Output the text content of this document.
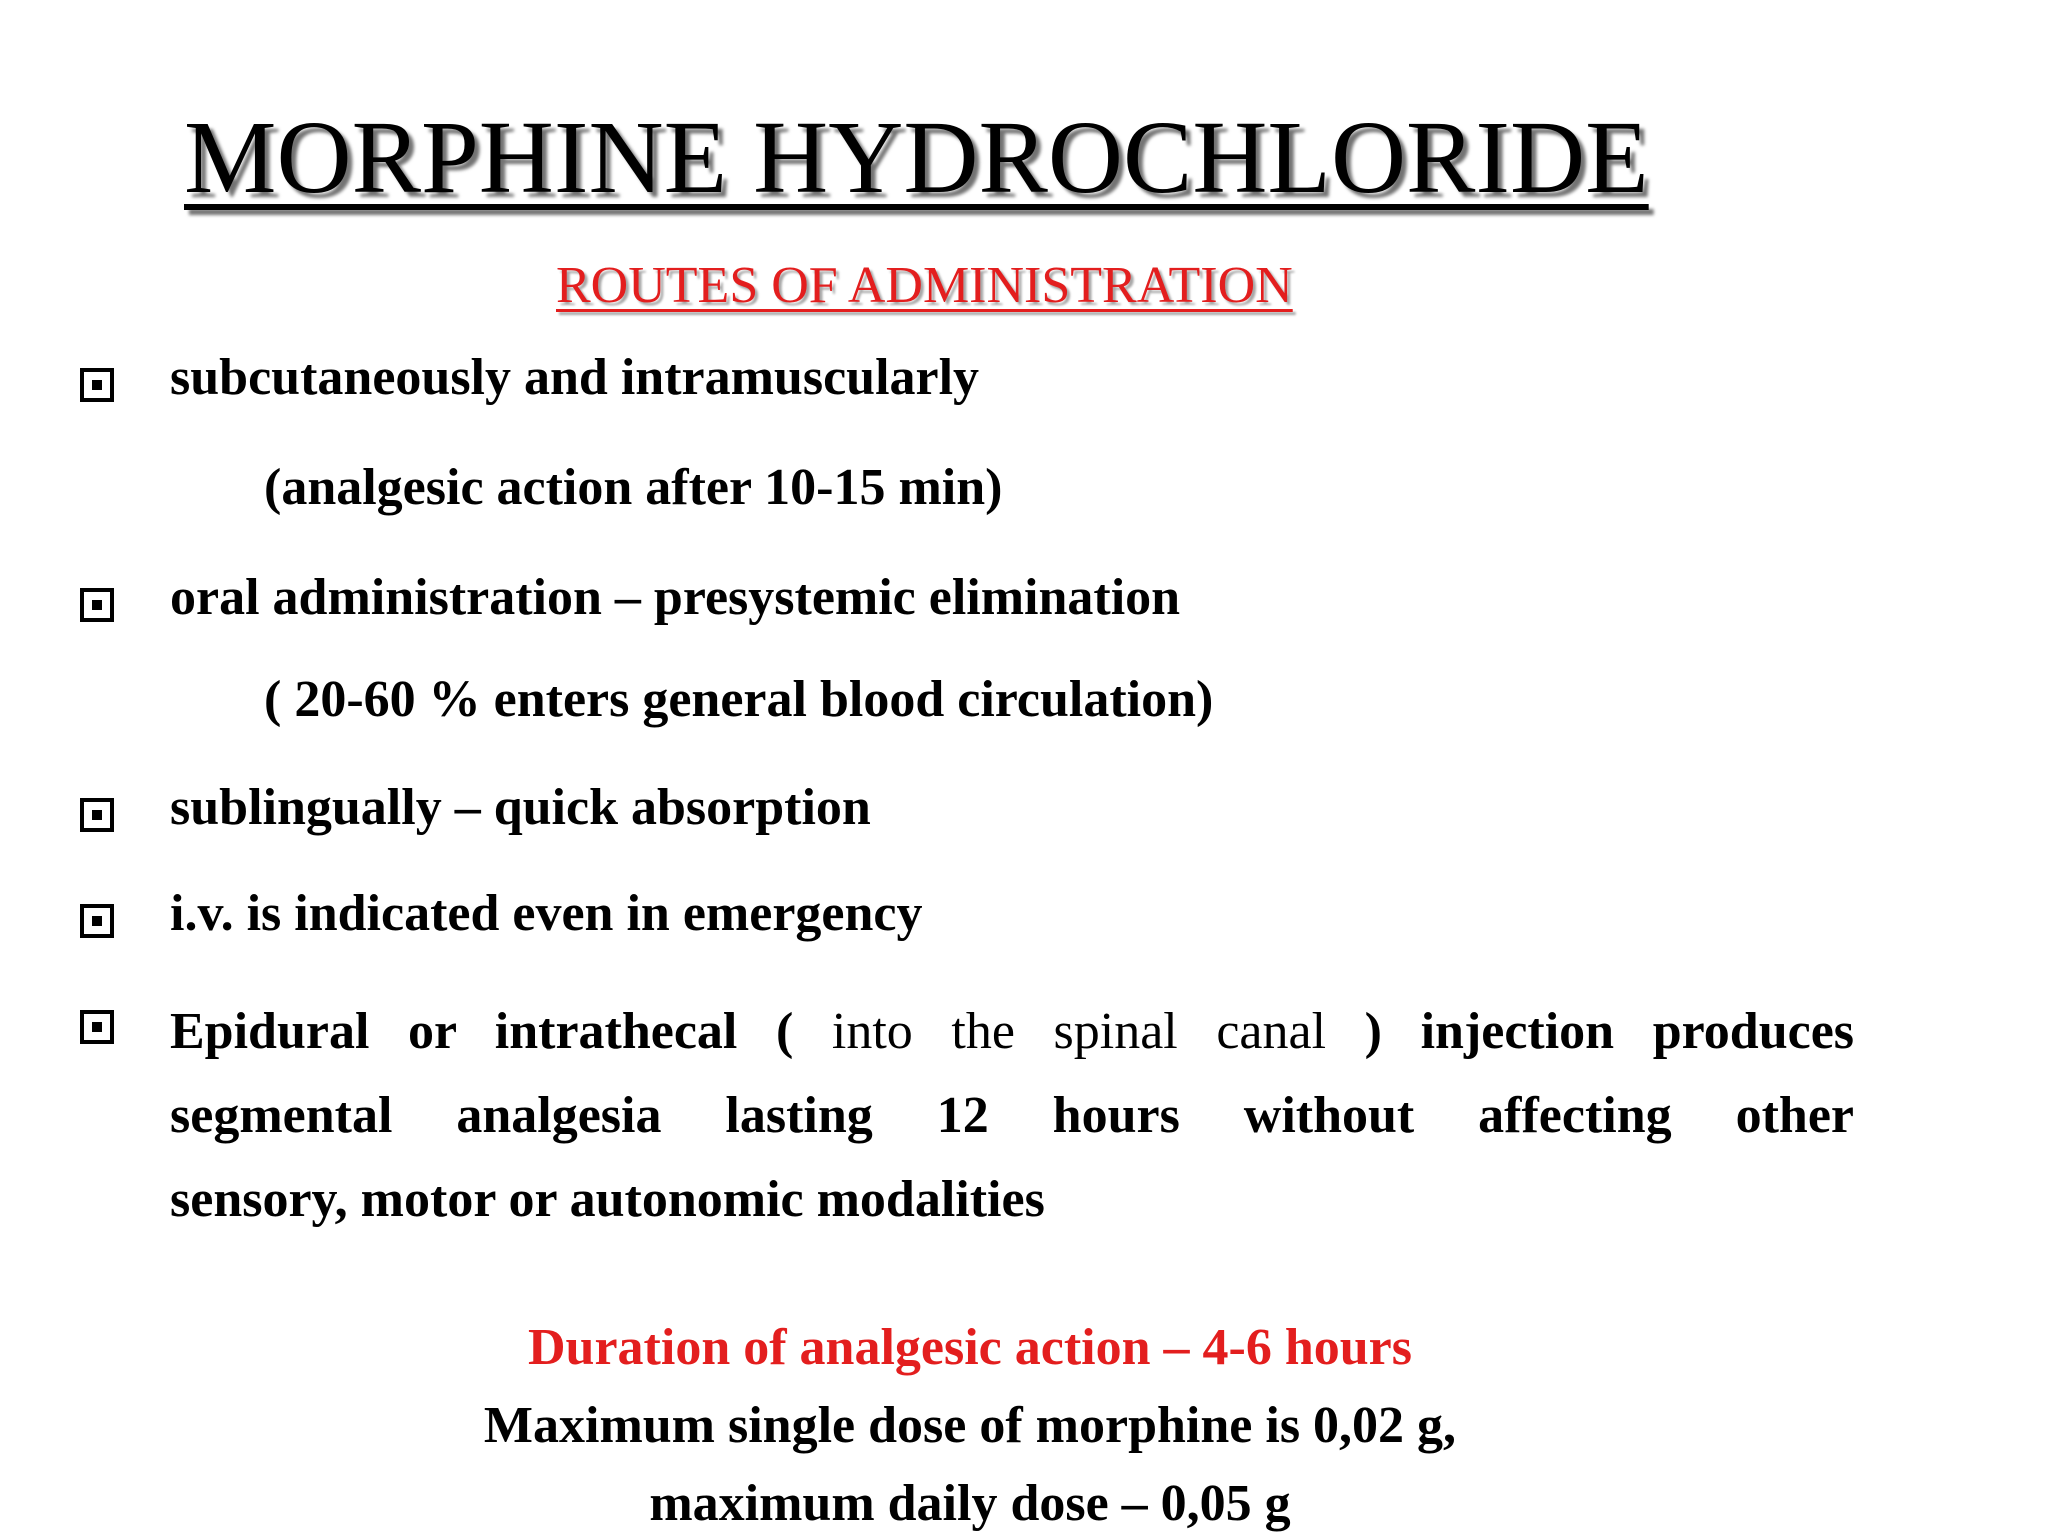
MORPHINE HYDROCHLORIDE
ROUTES OF ADMINISTRATION
subcutaneously and intramuscularly
(analgesic action after 10-15 min)
oral administration – presystemic elimination
( 20-60 % enters general blood circulation)
sublingually – quick absorption
i.v. is indicated even in emergency
Epidural or intrathecal ( into the spinal canal ) injection produces
segmental analgesia lasting 12 hours without affecting other
sensory, motor or autonomic modalities
Duration of analgesic action – 4-6 hours
Maximum single dose of morphine is 0,02 g,
maximum daily dose – 0,05 g
